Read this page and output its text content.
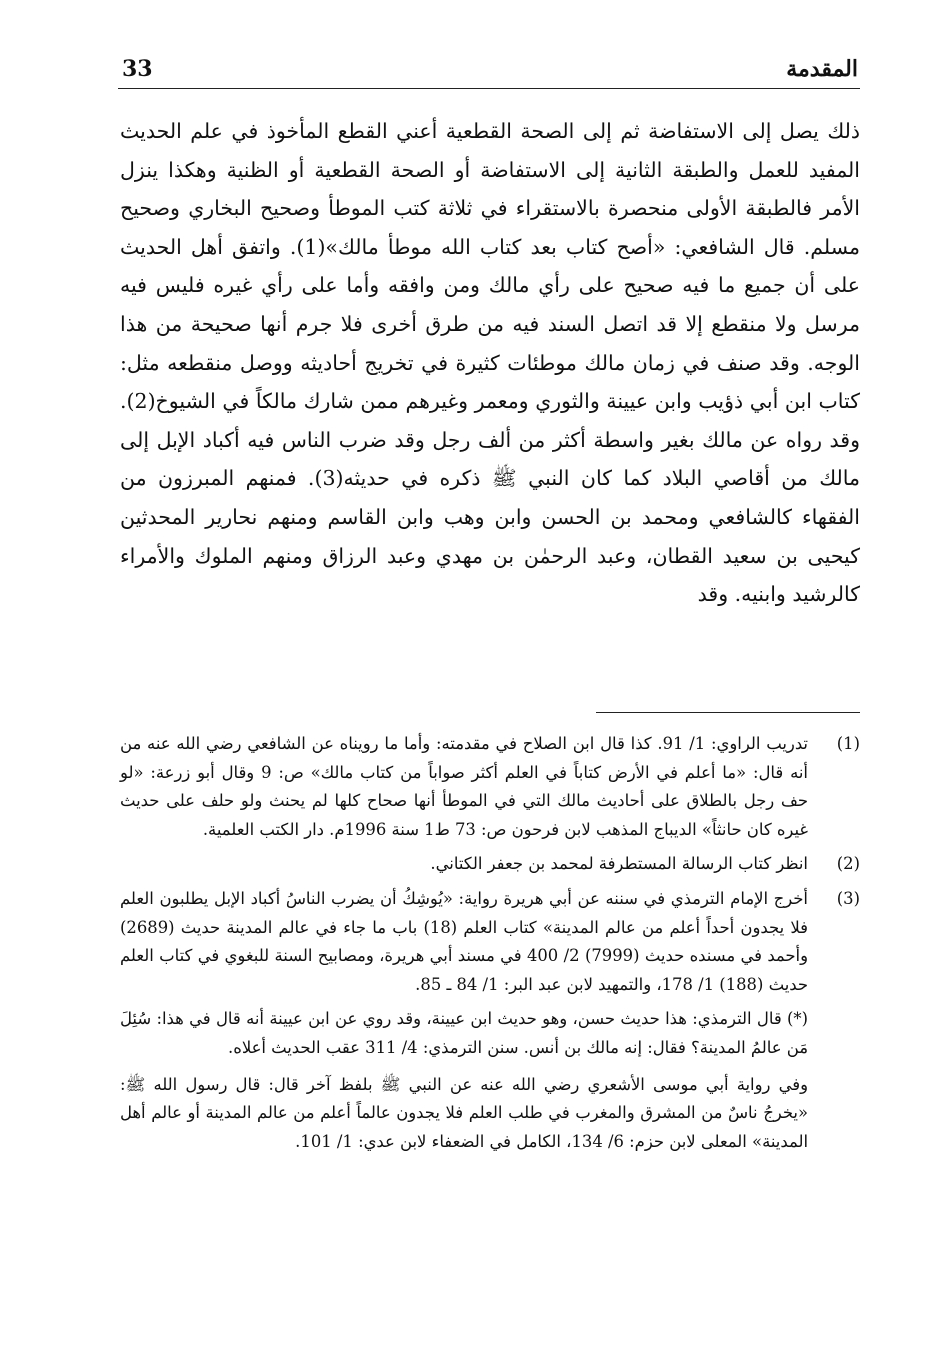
33	المقدمة

ذلك يصل إلى الاستفاضة ثم إلى الصحة القطعية أعني القطع المأخوذ في علم الحديث المفيد للعمل والطبقة الثانية إلى الاستفاضة أو الصحة القطعية أو الظنية وهكذا ينزل الأمر فالطبقة الأولى منحصرة بالاستقراء في ثلاثة كتب الموطأ وصحيح البخاري وصحيح مسلم. قال الشافعي: «أصح كتاب بعد كتاب الله موطأ مالك»(1). واتفق أهل الحديث على أن جميع ما فيه صحيح على رأي مالك ومن وافقه وأما على رأي غيره فليس فيه مرسل ولا منقطع إلا قد اتصل السند فيه من طرق أخرى فلا جرم أنها صحيحة من هذا الوجه. وقد صنف في زمان مالك موطئات كثيرة في تخريج أحاديثه ووصل منقطعه مثل: كتاب ابن أبي ذؤيب وابن عيينة والثوري ومعمر وغيرهم ممن شارك مالكاً في الشيوخ(2). وقد رواه عن مالك بغير واسطة أكثر من ألف رجل وقد ضرب الناس فيه أكباد الإبل إلى مالك من أقاصي البلاد كما كان النبي ﷺ ذكره في حديثه(3). فمنهم المبرزون من الفقهاء كالشافعي ومحمد بن الحسن وابن وهب وابن القاسم ومنهم نحارير المحدثين كيحيى بن سعيد القطان، وعبد الرحمٰن بن مهدي وعبد الرزاق ومنهم الملوك والأمراء كالرشيد وابنيه. وقد

(1)
تدريب الراوي: 1/ 91. كذا قال ابن الصلاح في مقدمته: وأما ما رويناه عن الشافعي رضي الله عنه من أنه قال: «ما أعلم في الأرض كتاباً في العلم أكثر صواباً من كتاب مالك» ص: 9 وقال أبو زرعة: «لو حف رجل بالطلاق على أحاديث مالك التي في الموطأ أنها صحاح كلها لم يحنث ولو حلف على حديث غيره كان حانثاً» الديباج المذهب لابن فرحون ص: 73 ط1 سنة 1996م. دار الكتب العلمية.
(2)
انظر كتاب الرسالة المستطرفة لمحمد بن جعفر الكتاني.
(3)
أخرج الإمام الترمذي في سننه عن أبي هريرة رواية: «يُوشِكُ أن يضرب الناسُ أكباد الإبل يطلبون العلم فلا يجدون أحداً أعلم من عالم المدينة» كتاب العلم (18) باب ما جاء في عالم المدينة حديث (2689) وأحمد في مسنده حديث (7999) 2/ 400 في مسند أبي هريرة، ومصابيح السنة للبغوي في كتاب العلم حديث (188) 1/ 178، والتمهيد لابن عبد البر: 1/ 84 ـ 85.
(*) قال الترمذي: هذا حديث حسن، وهو حديث ابن عيينة، وقد روي عن ابن عيينة أنه قال في هذا: سُئِلَ مَن عالمُ المدينة؟ فقال: إنه مالك بن أنس. سنن الترمذي: 4/ 311 عقب الحديث أعلاه.
وفي رواية أبي موسى الأشعري رضي الله عنه عن النبي ﷺ بلفظ آخر قال: قال رسول الله ﷺ: «يخرجُ ناسٌ من المشرق والمغرب في طلب العلم فلا يجدون عالماً أعلم من عالم المدينة أو عالم أهل المدينة» المعلى لابن حزم: 6/ 134، الكامل في الضعفاء لابن عدي: 1/ 101.
